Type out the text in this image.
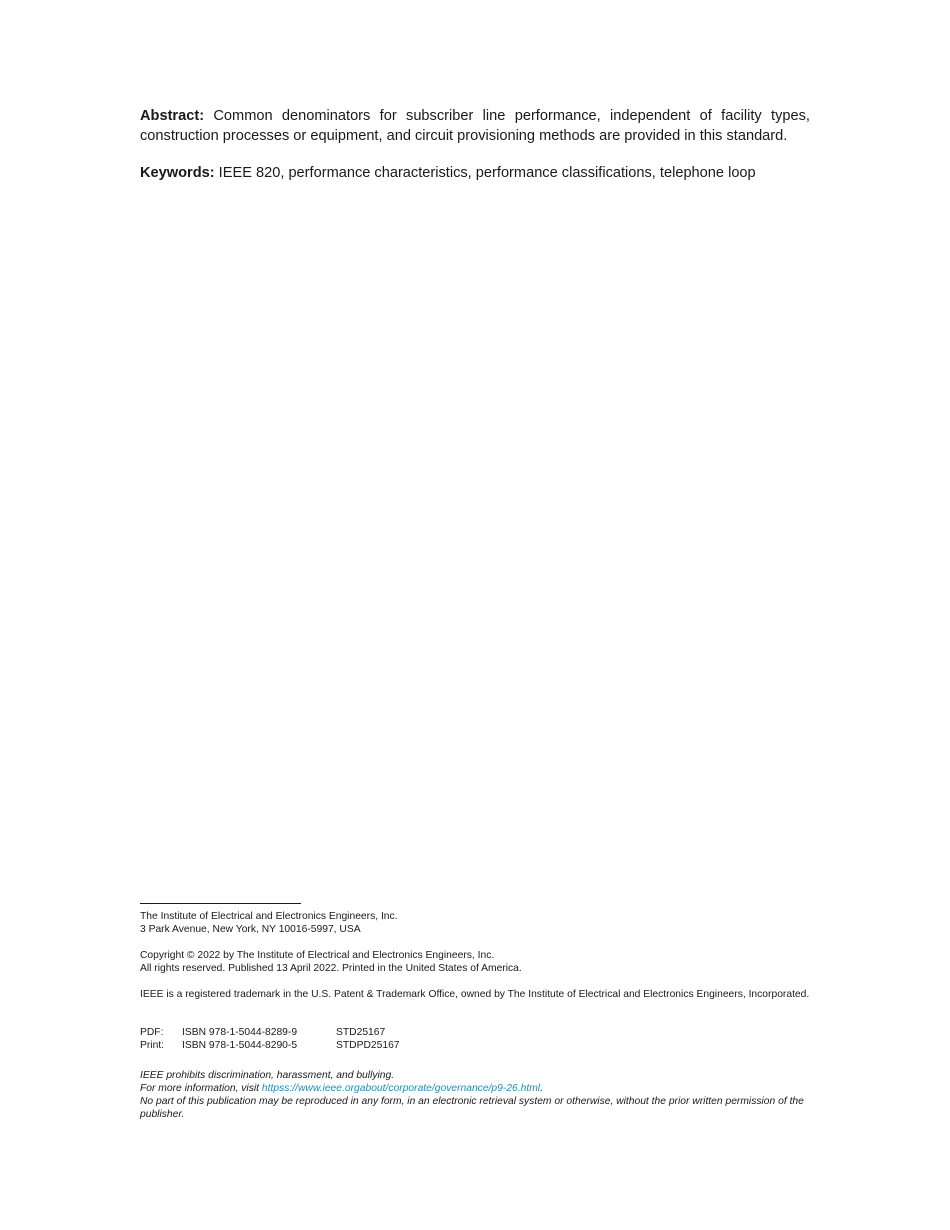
Abstract: Common denominators for subscriber line performance, independent of facility types, construction processes or equipment, and circuit provisioning methods are provided in this standard.
Keywords: IEEE 820, performance characteristics, performance classifications, telephone loop
The Institute of Electrical and Electronics Engineers, Inc.
3 Park Avenue, New York, NY 10016-5997, USA
Copyright © 2022 by The Institute of Electrical and Electronics Engineers, Inc.
All rights reserved. Published 13 April 2022. Printed in the United States of America.
IEEE is a registered trademark in the U.S. Patent & Trademark Office, owned by The Institute of Electrical and Electronics Engineers, Incorporated.
PDF:	ISBN 978-1-5044-8289-9	STD25167
Print:	ISBN 978-1-5044-8290-5	STDPD25167
IEEE prohibits discrimination, harassment, and bullying.
For more information, visit httpss://www.ieee.orgabout/corporate/governance/p9-26.html.
No part of this publication may be reproduced in any form, in an electronic retrieval system or otherwise, without the prior written permission of the publisher.
